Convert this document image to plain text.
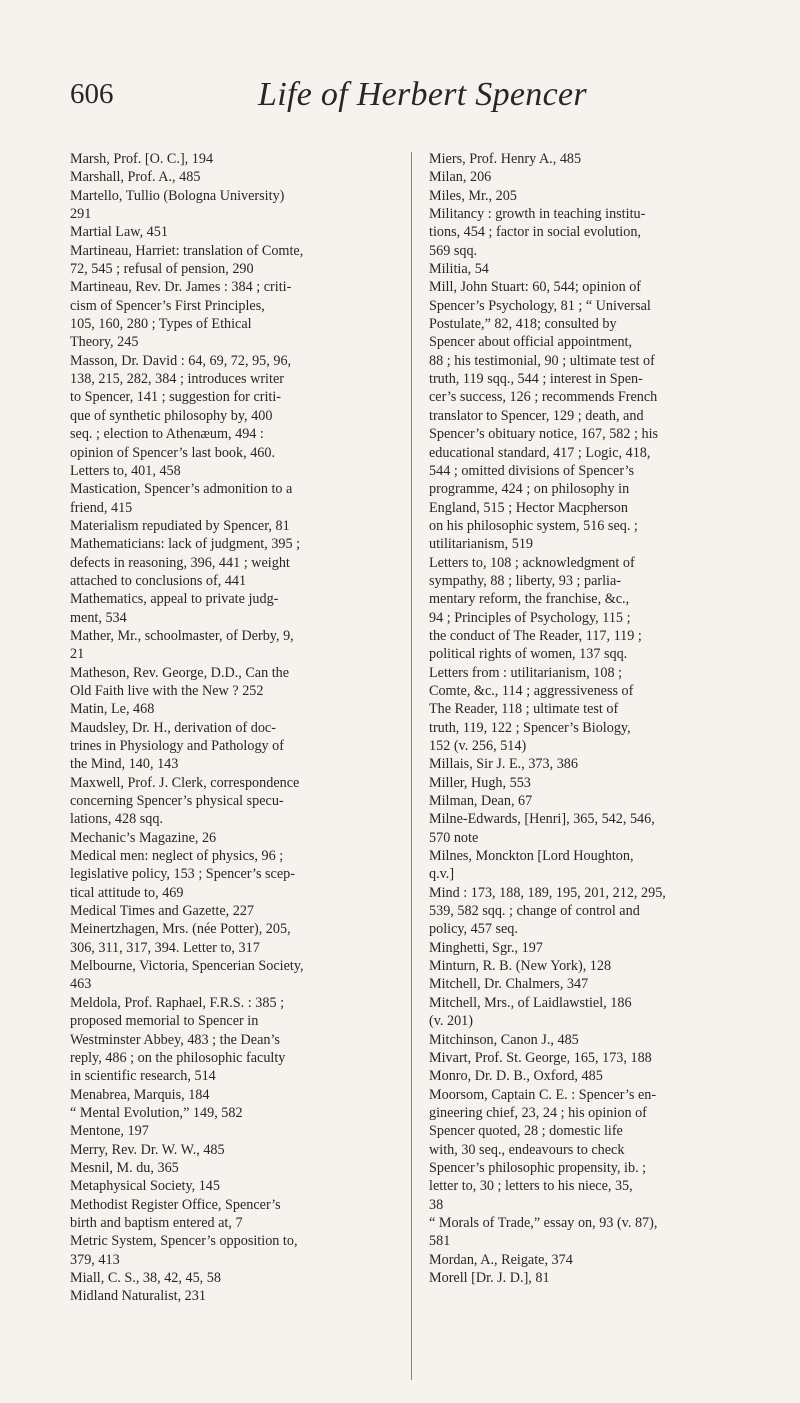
606	Life of Herbert Spencer
Marsh, Prof. [O. C.], 194
Marshall, Prof. A., 485
Martello, Tullio (Bologna University)
291
Martial Law, 451
Martineau, Harriet: translation of Comte,
72, 545 ; refusal of pension, 290
Martineau, Rev. Dr. James : 384 ; criti-
cism of Spencer’s First Principles,
105, 160, 280 ; Types of Ethical
Theory, 245
Masson, Dr. David : 64, 69, 72, 95, 96,
138, 215, 282, 384 ; introduces writer
to Spencer, 141 ; suggestion for criti-
que of synthetic philosophy by, 400
seq. ; election to Athenæum, 494 :
opinion of Spencer’s last book, 460.
Letters to, 401, 458
Mastication, Spencer’s admonition to a
friend, 415
Materialism repudiated by Spencer, 81
Mathematicians: lack of judgment, 395 ;
defects in reasoning, 396, 441 ; weight
attached to conclusions of, 441
Mathematics, appeal to private judg-
ment, 534
Mather, Mr., schoolmaster, of Derby, 9,
21
Matheson, Rev. George, D.D., Can the
Old Faith live with the New ? 252
Matin, Le, 468
Maudsley, Dr. H., derivation of doc-
trines in Physiology and Pathology of
the Mind, 140, 143
Maxwell, Prof. J. Clerk, correspondence
concerning Spencer’s physical specu-
lations, 428 sqq.
Mechanic’s Magazine, 26
Medical men: neglect of physics, 96 ;
legislative policy, 153 ; Spencer’s scep-
tical attitude to, 469
Medical Times and Gazette, 227
Meinertzhagen, Mrs. (née Potter), 205,
306, 311, 317, 394. Letter to, 317
Melbourne, Victoria, Spencerian Society,
463
Meldola, Prof. Raphael, F.R.S. : 385 ;
proposed memorial to Spencer in
Westminster Abbey, 483 ; the Dean’s
reply, 486 ; on the philosophic faculty
in scientific research, 514
Menabrea, Marquis, 184
“ Mental Evolution,” 149, 582
Mentone, 197
Merry, Rev. Dr. W. W., 485
Mesnil, M. du, 365
Metaphysical Society, 145
Methodist Register Office, Spencer’s
birth and baptism entered at, 7
Metric System, Spencer’s opposition to,
379, 413
Miall, C. S., 38, 42, 45, 58
Midland Naturalist, 231
Miers, Prof. Henry A., 485
Milan, 206
Miles, Mr., 205
Militancy : growth in teaching institu-
tions, 454 ; factor in social evolution,
569 sqq.
Militia, 54
Mill, John Stuart: 60, 544; opinion of
Spencer’s Psychology, 81 ; “ Universal
Postulate,” 82, 418; consulted by
Spencer about official appointment,
88 ; his testimonial, 90 ; ultimate test of
truth, 119 sqq., 544 ; interest in Spen-
cer’s success, 126 ; recommends French
translator to Spencer, 129 ; death, and
Spencer’s obituary notice, 167, 582 ; his
educational standard, 417 ; Logic, 418,
544 ; omitted divisions of Spencer’s
programme, 424 ; on philosophy in
England, 515 ; Hector Macpherson
on his philosophic system, 516 seq. ;
utilitarianism, 519
Letters to, 108 ; acknowledgment of
sympathy, 88 ; liberty, 93 ; parlia-
mentary reform, the franchise, &c.,
94 ; Principles of Psychology, 115 ;
the conduct of The Reader, 117, 119 ;
political rights of women, 137 sqq.
Letters from : utilitarianism, 108 ;
Comte, &c., 114 ; aggressiveness of
The Reader, 118 ; ultimate test of
truth, 119, 122 ; Spencer’s Biology,
152 (v. 256, 514)
Millais, Sir J. E., 373, 386
Miller, Hugh, 553
Milman, Dean, 67
Milne-Edwards, [Henri], 365, 542, 546,
570 note
Milnes, Monckton [Lord Houghton,
q.v.]
Mind : 173, 188, 189, 195, 201, 212, 295,
539, 582 sqq. ; change of control and
policy, 457 seq.
Minghetti, Sgr., 197
Minturn, R. B. (New York), 128
Mitchell, Dr. Chalmers, 347
Mitchell, Mrs., of Laidlawstiel, 186
(v. 201)
Mitchinson, Canon J., 485
Mivart, Prof. St. George, 165, 173, 188
Monro, Dr. D. B., Oxford, 485
Moorsom, Captain C. E. : Spencer’s en-
gineering chief, 23, 24 ; his opinion of
Spencer quoted, 28 ; domestic life
with, 30 seq., endeavours to check
Spencer’s philosophic propensity, ib. ;
letter to, 30 ; letters to his niece, 35,
38
“ Morals of Trade,” essay on, 93 (v. 87),
581
Mordan, A., Reigate, 374
Morell [Dr. J. D.], 81
